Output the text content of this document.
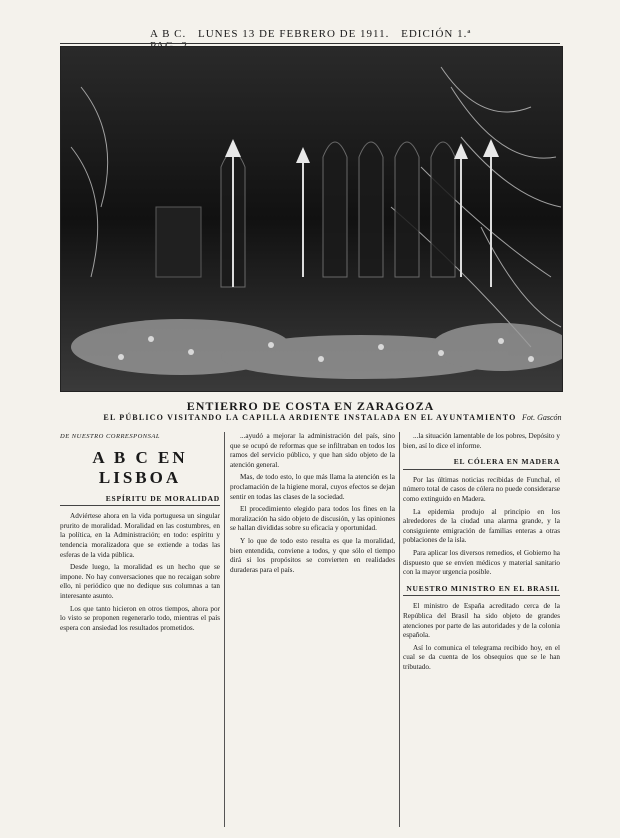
A B C. LUNES 13 DE FEBRERO DE 1911. EDICIÓN 1.ª
ENTIERRO DE COSTA EN ZARAGOZA
EL PÚBLICO VISITANDO LA CAPILLA ARDIENTE INSTALADA EN EL AYUNTAMIENTO Fot. Gascón
DE NUESTRO CORRESPONSAL
A B C EN LISBOA
ESPÍRITU DE MORALIDAD

Adviértese ahora en la vida portuguesa un singular prurito de moralidad. Moralidad en las costumbres, en la política, en la Administración; en todo: espíritu y tendencia moralizadora que se extiende a todas las esferas de la vida pública.

Desde luego, la moralidad es un hecho que se impone. No hay conversaciones que no recaigan sobre ello, ni periódico que no dedique sus columnas a tan interesante asunto.

Los que tanto hicieron en otros tiempos, ahora por lo visto se proponen regenerarlo todo, mientras el país espera con ansiedad los resultados prometidos.

...ayudó a mejorar la administración del país, sino que se ocupó de reformas que se infiltraban en todos los ramos del servicio público, y que han sido objeto de la atención general.

Mas, de todo esto, lo que más llama la atención es la proclamación de la higiene moral, cuyos efectos se dejan sentir en todas las clases de la sociedad.

El procedimiento elegido para todos los fines en la moralización ha sido objeto de discusión, y las opiniones se hallan divididas sobre su eficacia y oportunidad.

Y lo que de todo esto resulta es que la moralidad, bien entendida, conviene a todos, y que sólo el tiempo dirá si los propósitos se convierten en realidades duraderas para el país.

...la situación lamentable de los pobres, Depósito y bien, así lo dice el informe.

EL CÓLERA EN MADERA

Por las últimas noticias recibidas de Funchal, el número total de casos de cólera no puede considerarse como extinguido en Madera.

La epidemia produjo al principio en los alrededores de la ciudad una alarma grande, y la consiguiente emigración de familias enteras a otras poblaciones de la isla.

Para aplicar los diversos remedios, el Gobierno ha dispuesto que se envíen médicos y material sanitario con la mayor urgencia posible.

NUESTRO MINISTRO EN EL BRASIL

El ministro de España acreditado cerca de la República del Brasil ha sido objeto de grandes atenciones por parte de las autoridades y de la colonia española.

Así lo comunica el telegrama recibido hoy, en el cual se da cuenta de los obsequios que se le han tributado.
